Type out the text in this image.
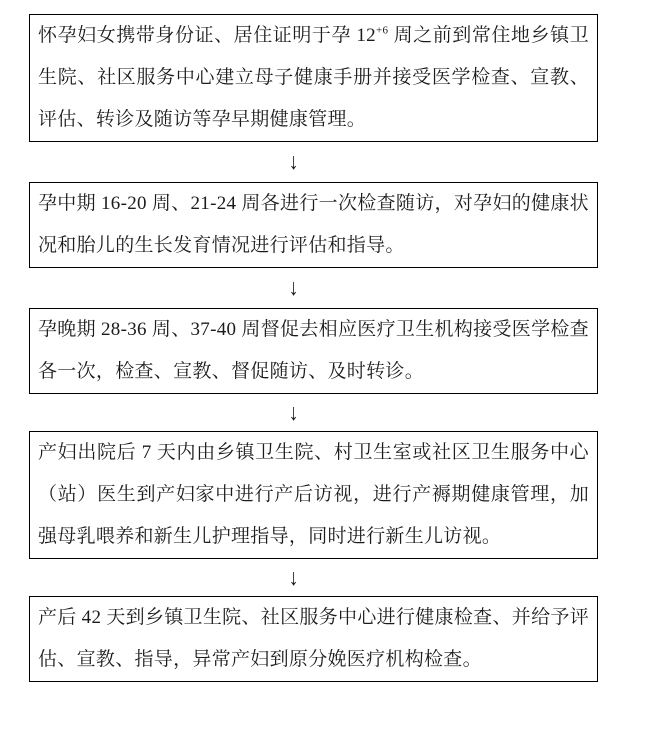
怀孕妇女携带身份证、居住证明于孕 $12^{+6}$ 周之前到常住地乡镇卫生院、社区服务中心建立母子健康手册并接受医学检查、宣教、评估、转诊及随访等孕早期健康管理。

↓

孕中期 16-20 周、21-24 周各进行一次检查随访，对孕妇的健康状况和胎儿的生长发育情况进行评估和指导。

↓

孕晚期 28-36 周、37-40 周督促去相应医疗卫生机构接受医学检查各一次，检查、宣教、督促随访、及时转诊。

↓

产妇出院后 7 天内由乡镇卫生院、村卫生室或社区卫生服务中心（站）医生到产妇家中进行产后访视，进行产褥期健康管理，加强母乳喂养和新生儿护理指导，同时进行新生儿访视。

↓

产后 42 天到乡镇卫生院、社区服务中心进行健康检查、并给予评估、宣教、指导，异常产妇到原分娩医疗机构检查。
